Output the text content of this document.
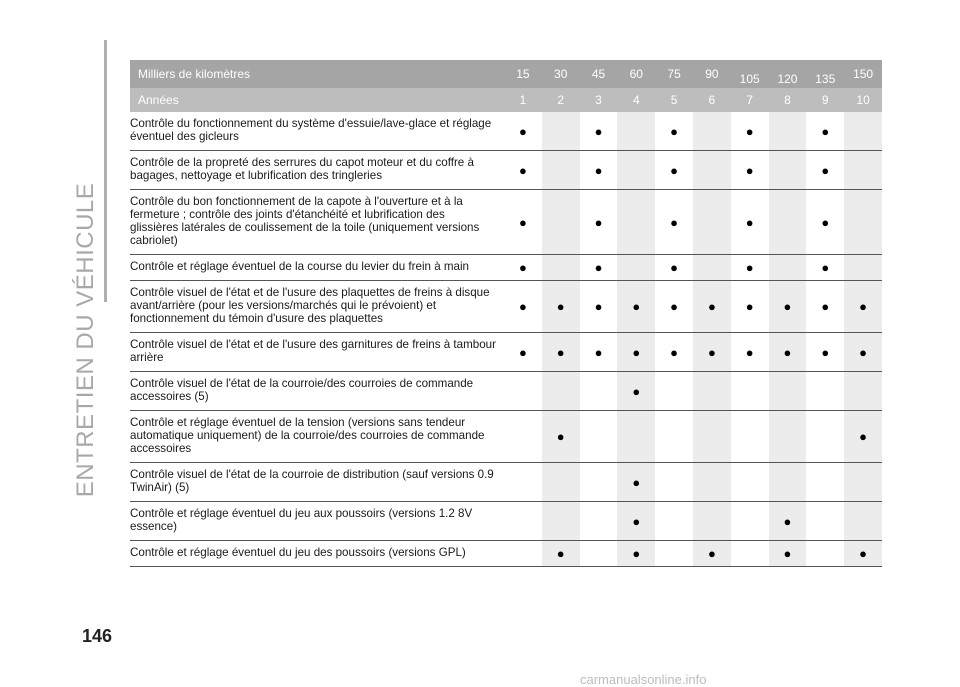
ENTRETIEN DU VÉHICULE
Milliers de kilomètres	15	30	45	60	75	90	105	120	135	150
Années	1	2	3	4	5	6	7	8	9	10
Contrôle du fonctionnement du système d'essuie/lave-glace et réglage éventuel des gicleurs	●		●		●		●		●	
Contrôle de la propreté des serrures du capot moteur et du coffre à bagages, nettoyage et lubrification des tringleries	●		●		●		●		●	
Contrôle du bon fonctionnement de la capote à l'ouverture et à la fermeture ; contrôle des joints d'étanchéité et lubrification des glissières latérales de coulissement de la toile (uniquement versions cabriolet)	●		●		●		●		●	
Contrôle et réglage éventuel de la course du levier du frein à main	●		●		●		●		●	
Contrôle visuel de l'état et de l'usure des plaquettes de freins à disque avant/arrière (pour les versions/marchés qui le prévoient) et fonctionnement du témoin d'usure des plaquettes	●	●	●	●	●	●	●	●	●	●
Contrôle visuel de l'état et de l'usure des garnitures de freins à tambour arrière	●	●	●	●	●	●	●	●	●	●
Contrôle visuel de l'état de la courroie/des courroies de commande accessoires (5)				●						
Contrôle et réglage éventuel de la tension (versions sans tendeur automatique uniquement) de la courroie/des courroies de commande accessoires		●								●
Contrôle visuel de l'état de la courroie de distribution (sauf versions 0.9 TwinAir) (5)				●						
Contrôle et réglage éventuel du jeu aux poussoirs (versions 1.2 8V essence)				●				●		
Contrôle et réglage éventuel du jeu des poussoirs (versions GPL)		●		●		●		●		●
146
carmanualsonline.info
